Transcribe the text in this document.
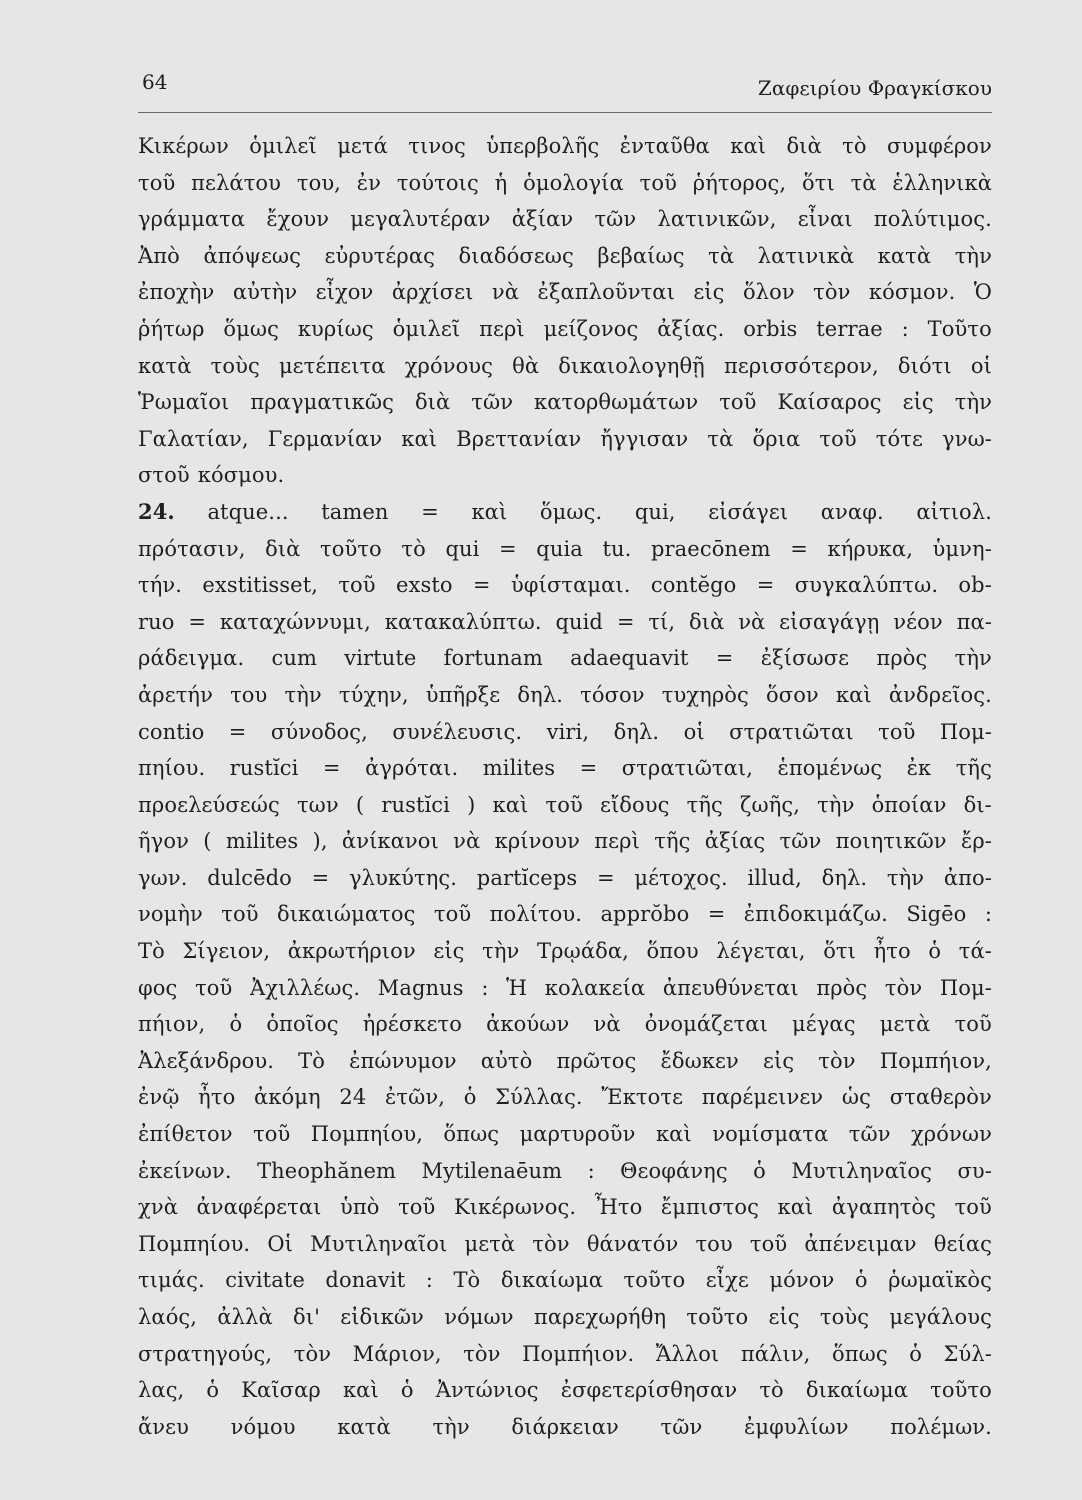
64	Ζαφειρίου Φραγκίσκου
Κικέρων ὁμιλεῖ μετά τινος ὑπερβολῆς ἐνταῦθα καὶ διὰ τὸ συμφέρον
τοῦ πελάτου του, ἐν τούτοις ἡ ὁμολογία τοῦ ῥήτορος, ὅτι τὰ ἑλληνικὰ
γράμματα ἔχουν μεγαλυτέραν ἀξίαν τῶν λατινικῶν, εἶναι πολύτιμος.
Ἀπὸ ἀπόψεως εὐρυτέρας διαδόσεως βεβαίως τὰ λατινικὰ κατὰ τὴν
ἐποχὴν αὐτὴν εἶχον ἀρχίσει νὰ ἐξαπλοῦνται εἰς ὅλον τὸν κόσμον. Ὁ
ῥήτωρ ὅμως κυρίως ὁμιλεῖ περὶ μείζονος ἀξίας. orbis terrae : Τοῦτο
κατὰ τοὺς μετέπειτα χρόνους θὰ δικαιολογηθῇ περισσότερον, διότι οἱ
Ῥωμαῖοι πραγματικῶς διὰ τῶν κατορθωμάτων τοῦ Καίσαρος εἰς τὴν
Γαλατίαν, Γερμανίαν καὶ Βρεττανίαν ἤγγισαν τὰ ὅρια τοῦ τότε γνω-
στοῦ κόσμου.
24. atque... tamen = καὶ ὅμως. qui, εἰσάγει αναφ. αἰτιολ.
πρότασιν, διὰ τοῦτο τὸ qui = quia tu. praecōnem = κήρυκα, ὑμνη-
τήν. exstitisset, τοῦ exsto = ὑφίσταμαι. contĕgo = συγκαλύπτω. ob-
ruo = καταχώννυμι, κατακαλύπτω. quid = τί, διὰ νὰ εἰσαγάγῃ νέον πα-
ράδειγμα. cum virtute fortunam adaequavit = ἐξίσωσε πρὸς τὴν
ἀρετήν του τὴν τύχην, ὑπῆρξε δηλ. τόσον τυχηρὸς ὅσον καὶ ἀνδρεῖος.
contio = σύνοδος, συνέλευσις. viri, δηλ. οἱ στρατιῶται τοῦ Πομ-
πηίου. rustĭci = ἀγρόται. milites = στρατιῶται, ἑπομένως ἐκ τῆς
προελεύσεώς των ( rustĭci ) καὶ τοῦ εἴδους τῆς ζωῆς, τὴν ὁποίαν δι-
ῆγον ( milites ), ἀνίκανοι νὰ κρίνουν περὶ τῆς ἀξίας τῶν ποιητικῶν ἔρ-
γων. dulcēdo = γλυκύτης. partĭceps = μέτοχος. illud, δηλ. τὴν ἀπο-
νομὴν τοῦ δικαιώματος τοῦ πολίτου. apprŏbo = ἐπιδοκιμάζω. Sigēo :
Τὸ Σίγειον, ἀκρωτήριον εἰς τὴν Τρῳάδα, ὅπου λέγεται, ὅτι ἦτο ὁ τά-
φος τοῦ Ἀχιλλέως. Magnus : Ἡ κολακεία ἀπευθύνεται πρὸς τὸν Πομ-
πήιον, ὁ ὁποῖος ἠρέσκετο ἀκούων νὰ ὀνομάζεται μέγας μετὰ τοῦ
Ἀλεξάνδρου. Τὸ ἐπώνυμον αὐτὸ πρῶτος ἔδωκεν εἰς τὸν Πομπήιον,
ἐνῷ ἦτο ἀκόμη 24 ἐτῶν, ὁ Σύλλας. Ἔκτοτε παρέμεινεν ὡς σταθερὸν
ἐπίθετον τοῦ Πομπηίου, ὅπως μαρτυροῦν καὶ νομίσματα τῶν χρόνων
ἐκείνων. Theophănem Mytilenaēum : Θεοφάνης ὁ Μυτιληναῖος συ-
χνὰ ἀναφέρεται ὑπὸ τοῦ Κικέρωνος. Ἦτο ἔμπιστος καὶ ἀγαπητὸς τοῦ
Πομπηίου. Οἱ Μυτιληναῖοι μετὰ τὸν θάνατόν του τοῦ ἀπένειμαν θείας
τιμάς. civitate donavit : Τὸ δικαίωμα τοῦτο εἶχε μόνον ὁ ῥωμαϊκὸς
λαός, ἀλλὰ δι' εἰδικῶν νόμων παρεχωρήθη τοῦτο εἰς τοὺς μεγάλους
στρατηγούς, τὸν Μάριον, τὸν Πομπήιον. Ἄλλοι πάλιν, ὅπως ὁ Σύλ-
λας, ὁ Καῖσαρ καὶ ὁ Ἀντώνιος ἐσφετερίσθησαν τὸ δικαίωμα τοῦτο
ἄνευ νόμου κατὰ τὴν διάρκειαν τῶν ἐμφυλίων πολέμων.
